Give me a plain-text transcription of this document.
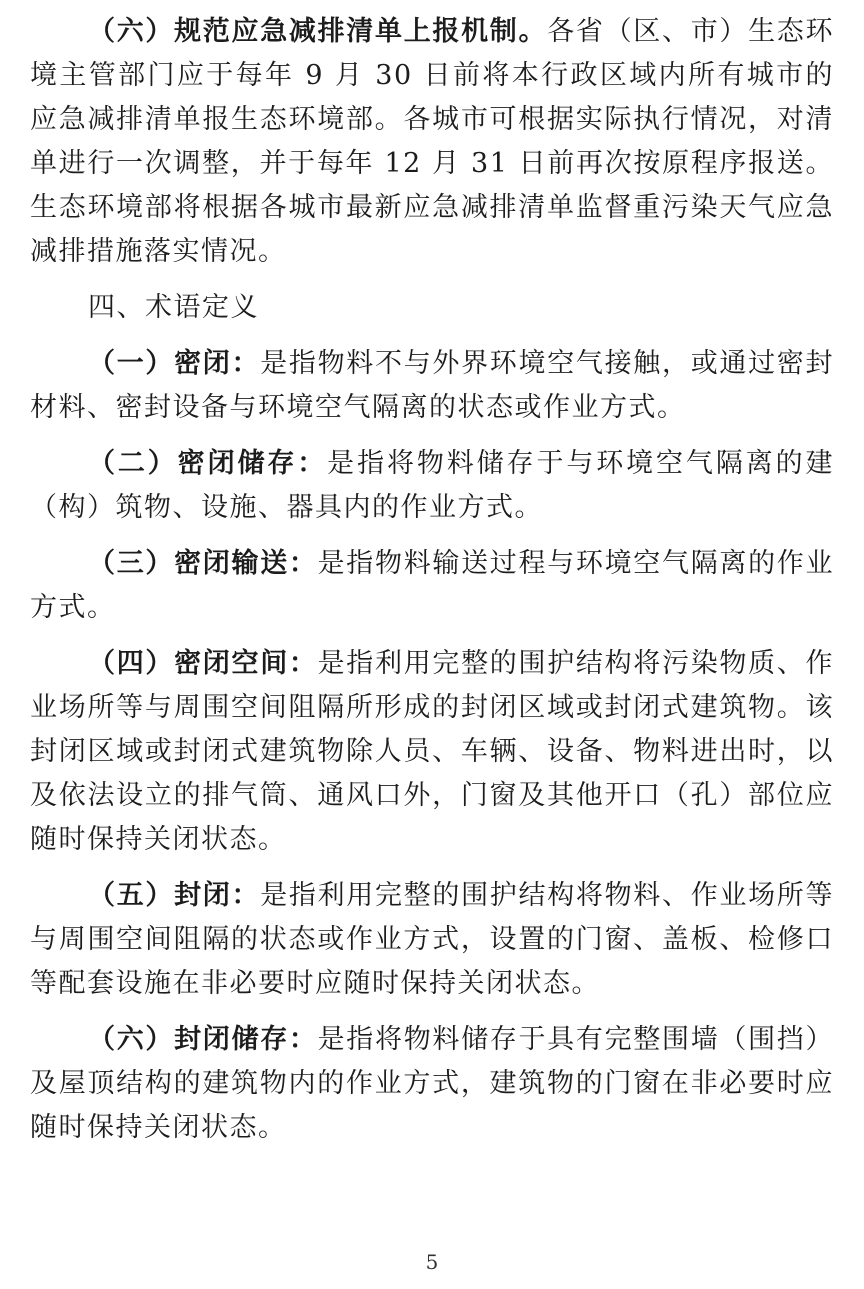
（六）规范应急减排清单上报机制。各省（区、市）生态环境主管部门应于每年 9 月 30 日前将本行政区域内所有城市的应急减排清单报生态环境部。各城市可根据实际执行情况，对清单进行一次调整，并于每年 12 月 31 日前再次按原程序报送。生态环境部将根据各城市最新应急减排清单监督重污染天气应急减排措施落实情况。

四、术语定义

（一）密闭：是指物料不与外界环境空气接触，或通过密封材料、密封设备与环境空气隔离的状态或作业方式。

（二）密闭储存：是指将物料储存于与环境空气隔离的建（构）筑物、设施、器具内的作业方式。

（三）密闭输送：是指物料输送过程与环境空气隔离的作业方式。

（四）密闭空间：是指利用完整的围护结构将污染物质、作业场所等与周围空间阻隔所形成的封闭区域或封闭式建筑物。该封闭区域或封闭式建筑物除人员、车辆、设备、物料进出时，以及依法设立的排气筒、通风口外，门窗及其他开口（孔）部位应随时保持关闭状态。

（五）封闭：是指利用完整的围护结构将物料、作业场所等与周围空间阻隔的状态或作业方式，设置的门窗、盖板、检修口等配套设施在非必要时应随时保持关闭状态。

（六）封闭储存：是指将物料储存于具有完整围墙（围挡）及屋顶结构的建筑物内的作业方式，建筑物的门窗在非必要时应随时保持关闭状态。

5
